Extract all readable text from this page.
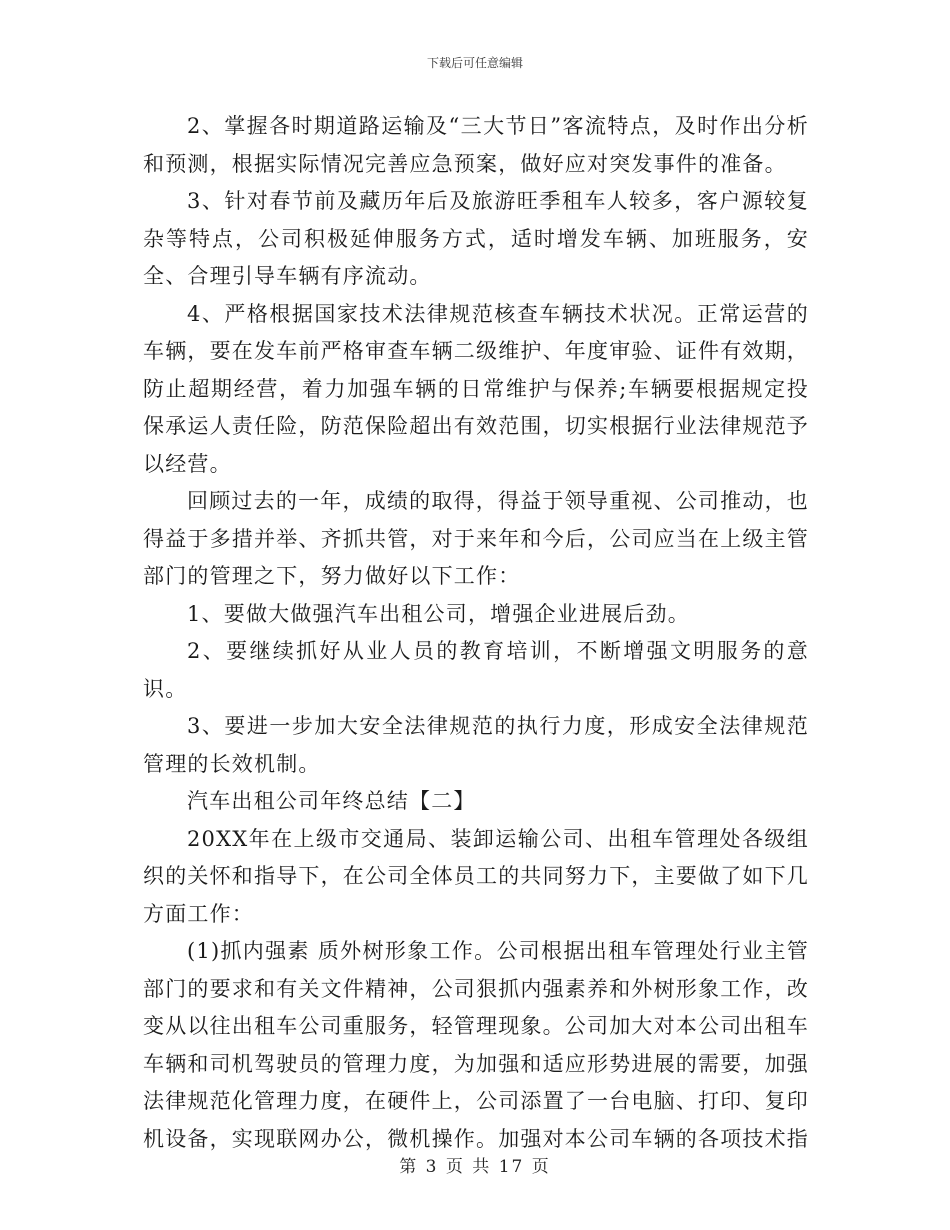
下载后可任意编辑

2、掌握各时期道路运输及“三大节日”客流特点，及时作出分析和预测，根据实际情况完善应急预案，做好应对突发事件的准备。

3、针对春节前及藏历年后及旅游旺季租车人较多，客户源较复杂等特点，公司积极延伸服务方式，适时增发车辆、加班服务，安全、合理引导车辆有序流动。

4、严格根据国家技术法律规范核查车辆技术状况。正常运营的车辆，要在发车前严格审查车辆二级维护、年度审验、证件有效期，防止超期经营，着力加强车辆的日常维护与保养;车辆要根据规定投保承运人责任险，防范保险超出有效范围，切实根据行业法律规范予以经营。

回顾过去的一年，成绩的取得，得益于领导重视、公司推动，也得益于多措并举、齐抓共管，对于来年和今后，公司应当在上级主管部门的管理之下，努力做好以下工作：

1、要做大做强汽车出租公司，增强企业进展后劲。

2、要继续抓好从业人员的教育培训，不断增强文明服务的意识。

3、要进一步加大安全法律规范的执行力度，形成安全法律规范管理的长效机制。

汽车出租公司年终总结【二】

20XX年在上级市交通局、装卸运输公司、出租车管理处各级组织的关怀和指导下，在公司全体员工的共同努力下，主要做了如下几方面工作：

(1)抓内强素 质外树形象工作。公司根据出租车管理处行业主管部门的要求和有关文件精神，公司狠抓内强素养和外树形象工作，改变从以往出租车公司重服务，轻管理现象。公司加大对本公司出租车车辆和司机驾驶员的管理力度，为加强和适应形势进展的需要，加强法律规范化管理力度，在硬件上，公司添置了一台电脑、打印、复印机设备，实现联网办公，微机操作。加强对本公司车辆的各项技术指

第 3 页 共 17 页
